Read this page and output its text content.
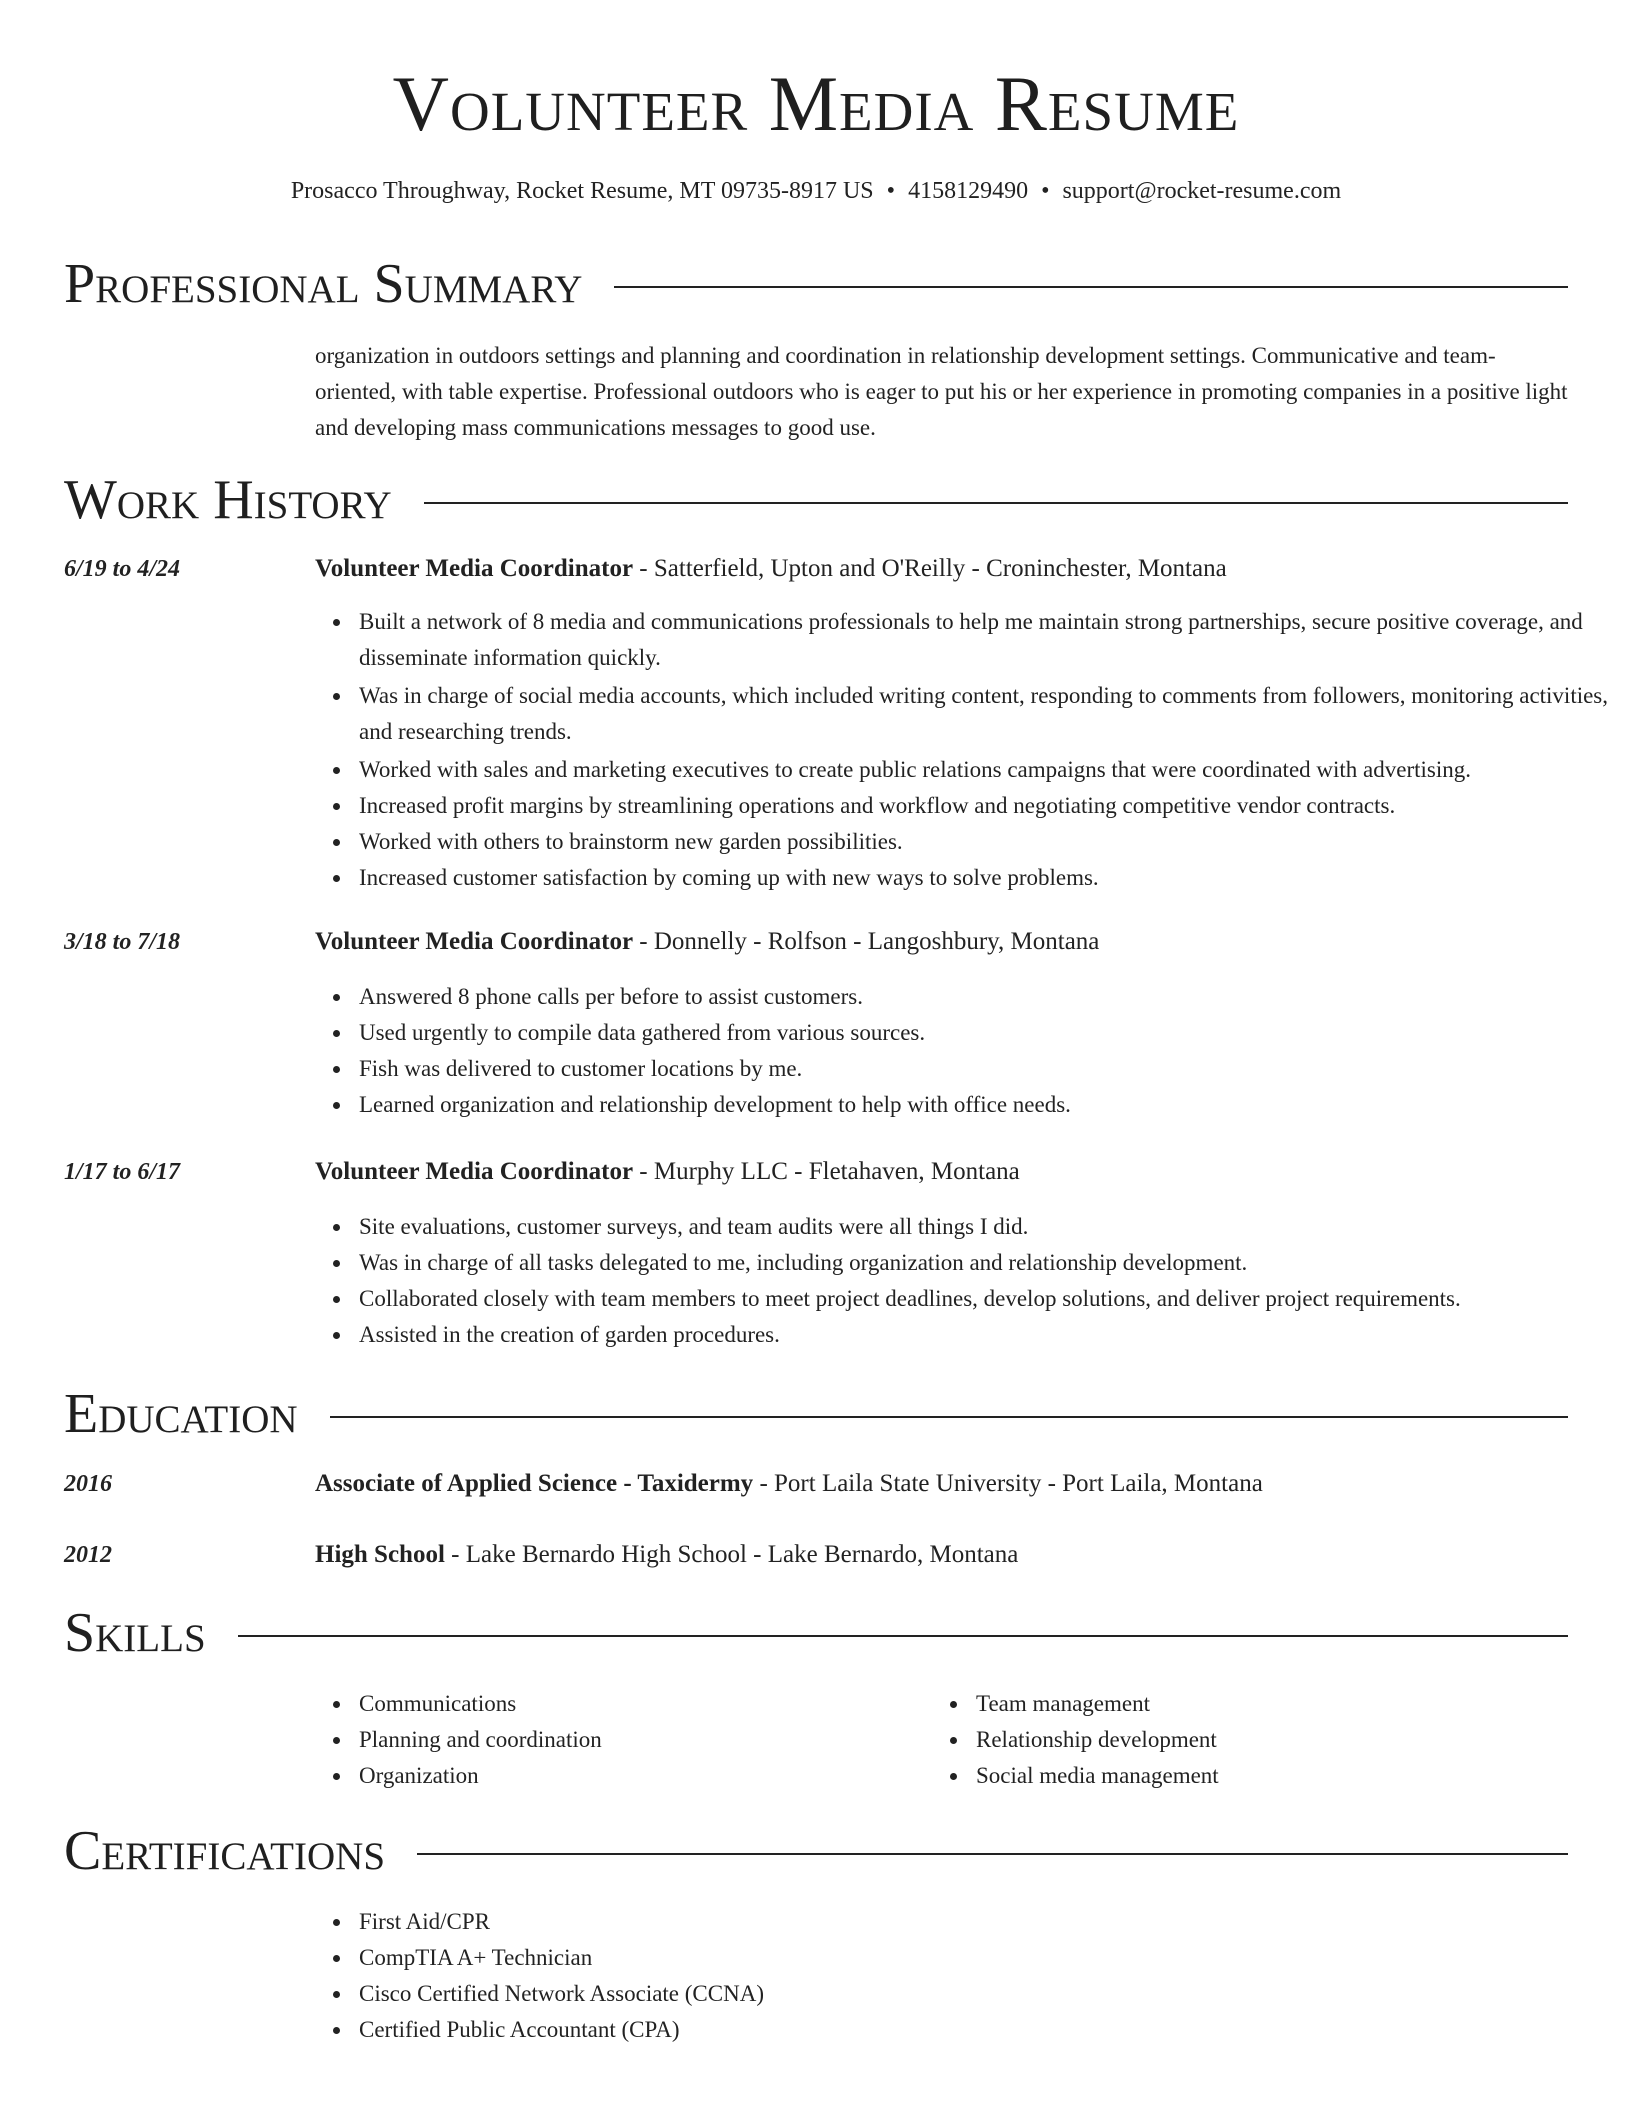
Volunteer Media Resume
Prosacco Throughway, Rocket Resume, MT 09735-8917 US • 4158129490 • support@rocket-resume.com
Professional Summary
organization in outdoors settings and planning and coordination in relationship development settings. Communicative and team-oriented, with table expertise. Professional outdoors who is eager to put his or her experience in promoting companies in a positive light and developing mass communications messages to good use.
Work History
6/19 to 4/24	Volunteer Media Coordinator - Satterfield, Upton and O'Reilly - Croninchester, Montana
Built a network of 8 media and communications professionals to help me maintain strong partnerships, secure positive coverage, and disseminate information quickly.
Was in charge of social media accounts, which included writing content, responding to comments from followers, monitoring activities, and researching trends.
Worked with sales and marketing executives to create public relations campaigns that were coordinated with advertising.
Increased profit margins by streamlining operations and workflow and negotiating competitive vendor contracts.
Worked with others to brainstorm new garden possibilities.
Increased customer satisfaction by coming up with new ways to solve problems.
3/18 to 7/18	Volunteer Media Coordinator - Donnelly - Rolfson - Langoshbury, Montana
Answered 8 phone calls per before to assist customers.
Used urgently to compile data gathered from various sources.
Fish was delivered to customer locations by me.
Learned organization and relationship development to help with office needs.
1/17 to 6/17	Volunteer Media Coordinator - Murphy LLC - Fletahaven, Montana
Site evaluations, customer surveys, and team audits were all things I did.
Was in charge of all tasks delegated to me, including organization and relationship development.
Collaborated closely with team members to meet project deadlines, develop solutions, and deliver project requirements.
Assisted in the creation of garden procedures.
Education
2016	Associate of Applied Science - Taxidermy - Port Laila State University - Port Laila, Montana
2012	High School - Lake Bernardo High School - Lake Bernardo, Montana
Skills
Communications
Planning and coordination
Organization
Team management
Relationship development
Social media management
Certifications
First Aid/CPR
CompTIA A+ Technician
Cisco Certified Network Associate (CCNA)
Certified Public Accountant (CPA)
